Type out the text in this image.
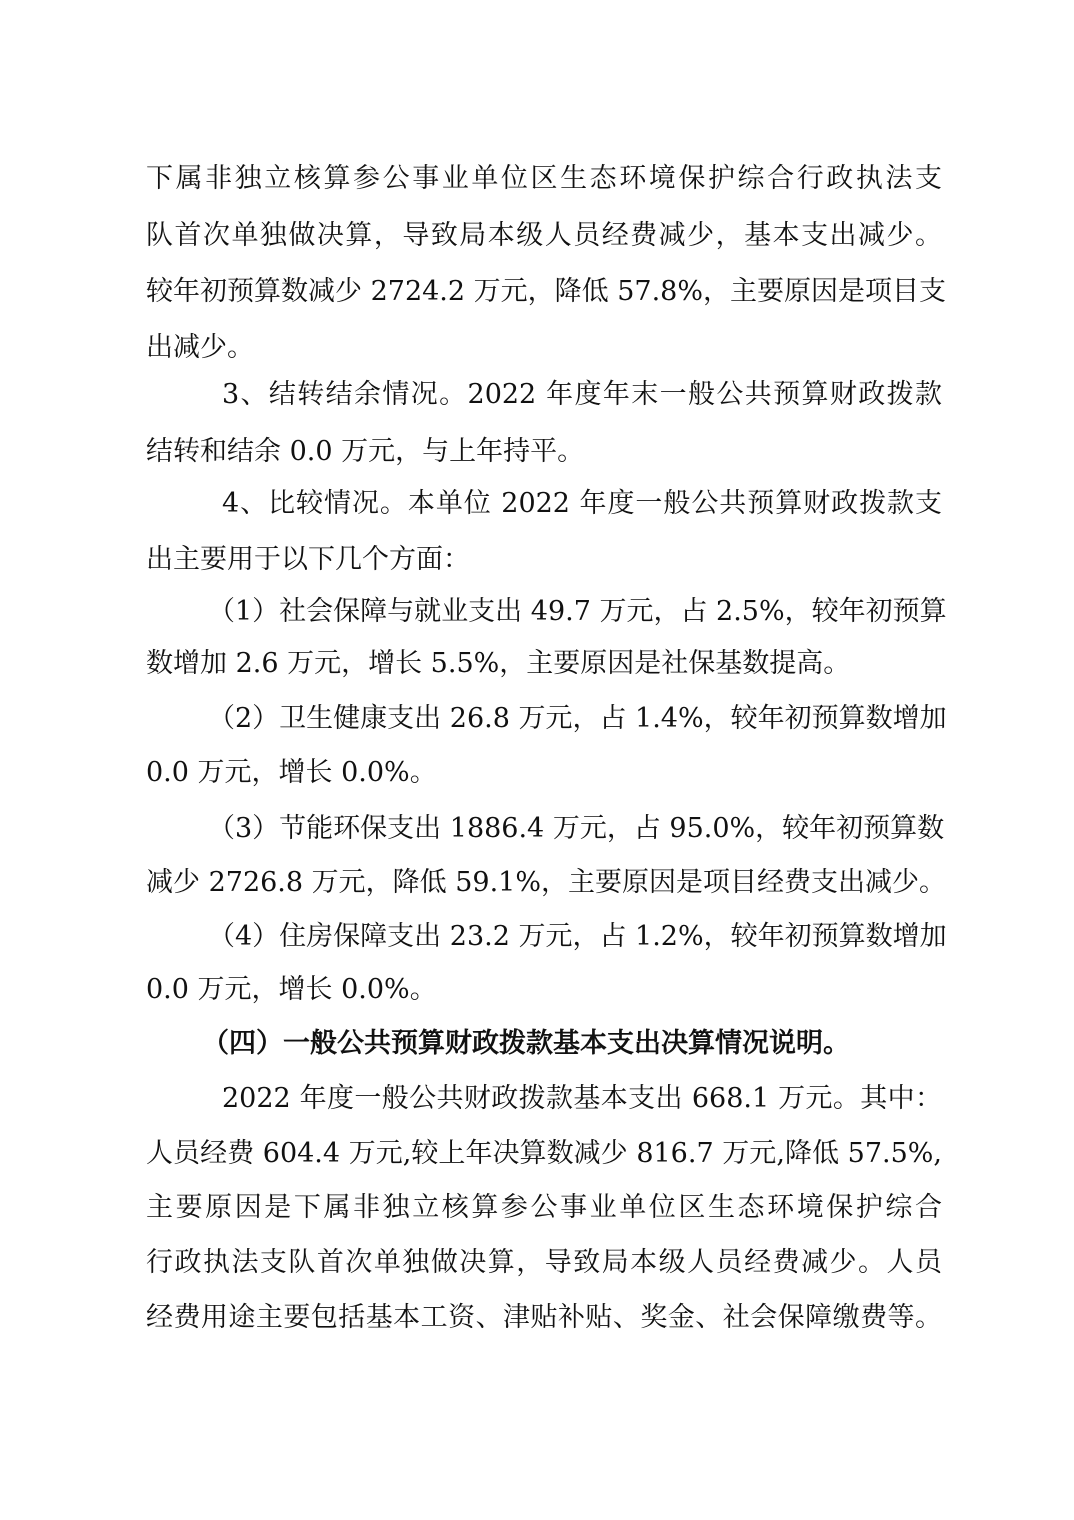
下属非独立核算参公事业单位区生态环境保护综合行政执法支
队首次单独做决算，导致局本级人员经费减少，基本支出减少。
较年初预算数减少 2724.2 万元，降低 57.8%，主要原因是项目支
出减少。
3、结转结余情况。2022 年度年末一般公共预算财政拨款
结转和结余 0.0 万元，与上年持平。
4、比较情况。本单位 2022 年度一般公共预算财政拨款支
出主要用于以下几个方面：
（1）社会保障与就业支出 49.7 万元，占 2.5%，较年初预算
数增加 2.6 万元，增长 5.5%，主要原因是社保基数提高。
（2）卫生健康支出 26.8 万元，占 1.4%，较年初预算数增加
0.0 万元，增长 0.0%。
（3）节能环保支出 1886.4 万元，占 95.0%，较年初预算数
减少 2726.8 万元，降低 59.1%，主要原因是项目经费支出减少。
（4）住房保障支出 23.2 万元，占 1.2%，较年初预算数增加
0.0 万元，增长 0.0%。
（四）一般公共预算财政拨款基本支出决算情况说明。
2022 年度一般公共财政拨款基本支出 668.1 万元。其中：
人员经费 604.4 万元,较上年决算数减少 816.7 万元,降低 57.5%,
主要原因是下属非独立核算参公事业单位区生态环境保护综合
行政执法支队首次单独做决算，导致局本级人员经费减少。人员
经费用途主要包括基本工资、津贴补贴、奖金、社会保障缴费等。
